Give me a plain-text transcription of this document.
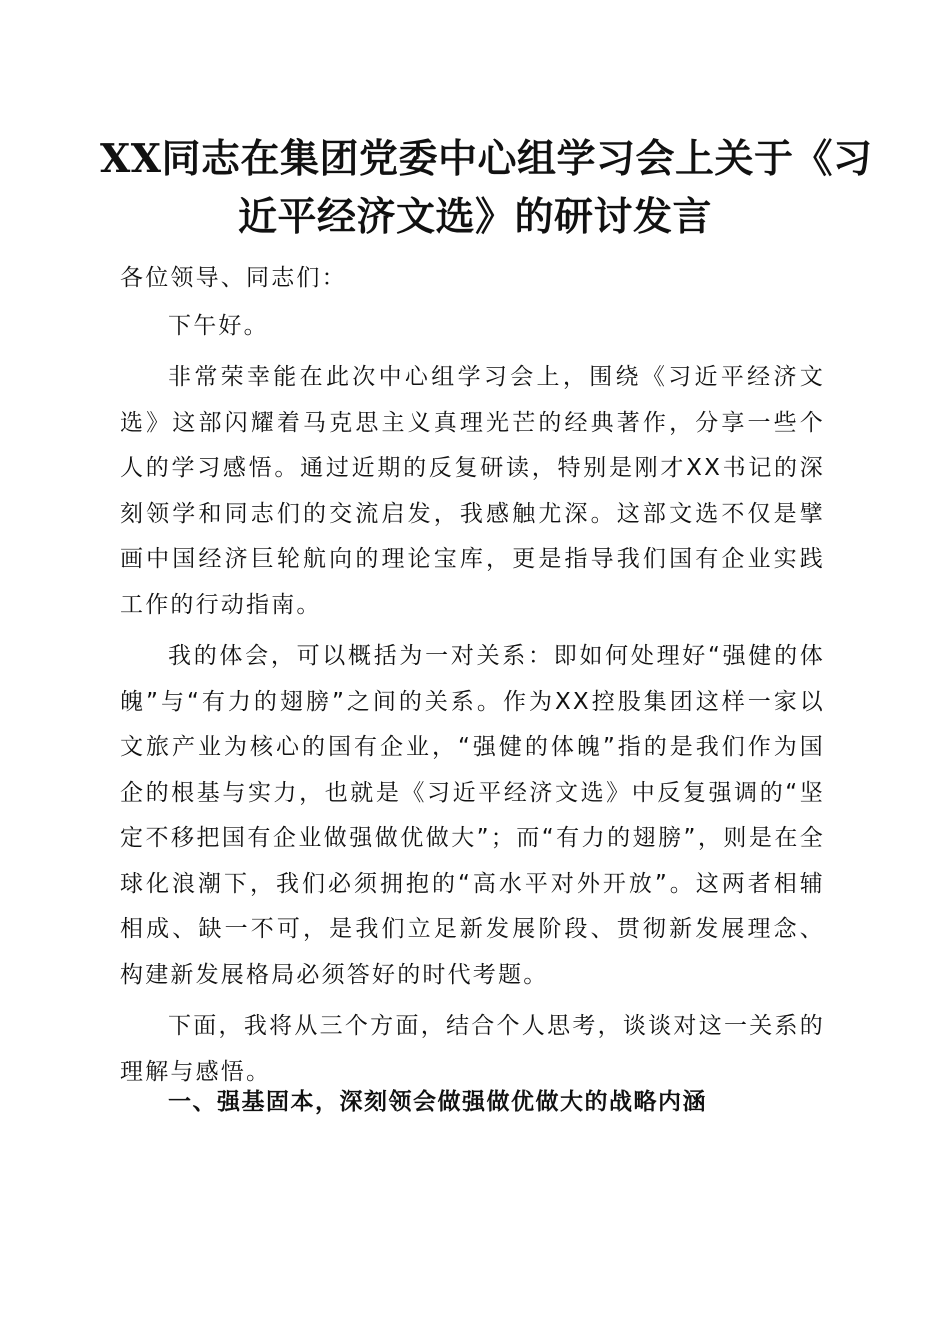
XX同志在集团党委中心组学习会上关于《习
近平经济文选》的研讨发言

各位领导、同志们：

下午好。

非常荣幸能在此次中心组学习会上，围绕《习近平经济文选》这部闪耀着马克思主义真理光芒的经典著作，分享一些个人的学习感悟。通过近期的反复研读，特别是刚才XX书记的深刻领学和同志们的交流启发，我感触尤深。这部文选不仅是擘画中国经济巨轮航向的理论宝库，更是指导我们国有企业实践工作的行动指南。

我的体会，可以概括为一对关系：即如何处理好“强健的体魄”与“有力的翅膀”之间的关系。作为XX控股集团这样一家以文旅产业为核心的国有企业，“强健的体魄”指的是我们作为国企的根基与实力，也就是《习近平经济文选》中反复强调的“坚定不移把国有企业做强做优做大”；而“有力的翅膀”，则是在全球化浪潮下，我们必须拥抱的“高水平对外开放”。这两者相辅相成、缺一不可，是我们立足新发展阶段、贯彻新发展理念、构建新发展格局必须答好的时代考题。

下面，我将从三个方面，结合个人思考，谈谈对这一关系的理解与感悟。

一、强基固本，深刻领会做强做优做大的战略内涵
